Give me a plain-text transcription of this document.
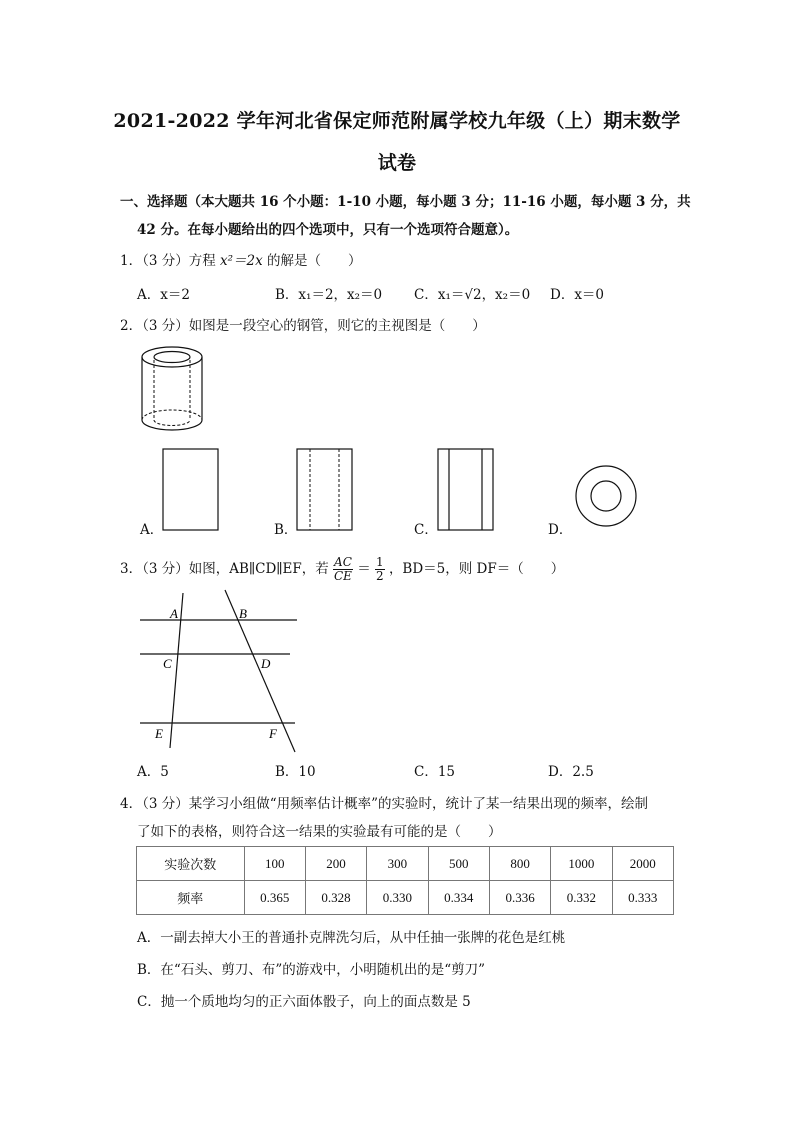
2021-2022 学年河北省保定师范附属学校九年级（上）期末数学
试卷
一、选择题（本大题共 16 个小题：1-10 小题，每小题 3 分；11-16 小题，每小题 3 分，共
42 分。在每小题给出的四个选项中，只有一个选项符合题意）。
1．（3 分）方程 x²＝2x 的解是（　　）
A．x＝2	B．x₁＝2，x₂＝0 C．x₁＝√2，x₂＝0 D．x＝0
2．（3 分）如图是一段空心的钢管，则它的主视图是（　　）
A．	B．	C．	D．
3．（3 分）如图，AB∥CD∥EF，若 $\frac{AC}{CE} = \frac{1}{2}$ ，BD＝5，则 DF＝（　　）
A	B
C	D
E	F
A．5	B．10	C．15	D．2.5
4．（3 分）某学习小组做“用频率估计概率”的实验时，统计了某一结果出现的频率，绘制
了如下的表格，则符合这一结果的实验最有可能的是（　　）
实验次数	100	200	300	500	800	1000	2000
频率	0.365	0.328	0.330	0.334	0.336	0.332	0.333
A．一副去掉大小王的普通扑克牌洗匀后，从中任抽一张牌的花色是红桃
B．在“石头、剪刀、布”的游戏中，小明随机出的是“剪刀”
C．抛一个质地均匀的正六面体骰子，向上的面点数是 5
